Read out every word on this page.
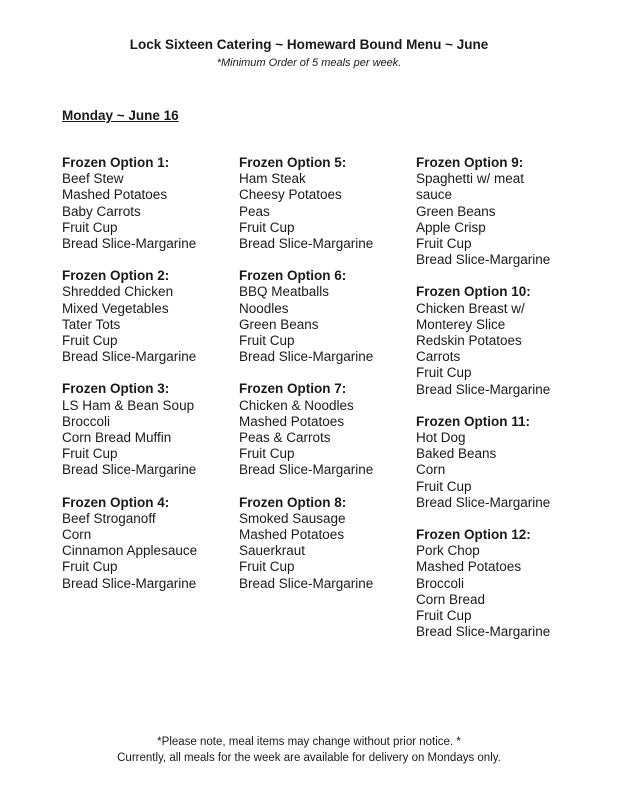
Lock Sixteen Catering ~ Homeward Bound Menu ~ June
*Minimum Order of 5 meals per week.
Monday ~ June 16
Frozen Option 1:
Beef Stew
Mashed Potatoes
Baby Carrots
Fruit Cup
Bread Slice-Margarine
Frozen Option 2:
Shredded Chicken
Mixed Vegetables
Tater Tots
Fruit Cup
Bread Slice-Margarine
Frozen Option 3:
LS Ham & Bean Soup
Broccoli
Corn Bread Muffin
Fruit Cup
Bread Slice-Margarine
Frozen Option 4:
Beef Stroganoff
Corn
Cinnamon Applesauce
Fruit Cup
Bread Slice-Margarine
Frozen Option 5:
Ham Steak
Cheesy Potatoes
Peas
Fruit Cup
Bread Slice-Margarine
Frozen Option 6:
BBQ Meatballs
Noodles
Green Beans
Fruit Cup
Bread Slice-Margarine
Frozen Option 7:
Chicken & Noodles
Mashed Potatoes
Peas & Carrots
Fruit Cup
Bread Slice-Margarine
Frozen Option 8:
Smoked Sausage
Mashed Potatoes
Sauerkraut
Fruit Cup
Bread Slice-Margarine
Frozen Option 9:
Spaghetti w/ meat
sauce
Green Beans
Apple Crisp
Fruit Cup
Bread Slice-Margarine
Frozen Option 10:
Chicken Breast w/
Monterey Slice
Redskin Potatoes
Carrots
Fruit Cup
Bread Slice-Margarine
Frozen Option 11:
Hot Dog
Baked Beans
Corn
Fruit Cup
Bread Slice-Margarine
Frozen Option 12:
Pork Chop
Mashed Potatoes
Broccoli
Corn Bread
Fruit Cup
Bread Slice-Margarine
*Please note, meal items may change without prior notice. *
Currently, all meals for the week are available for delivery on Mondays only.
